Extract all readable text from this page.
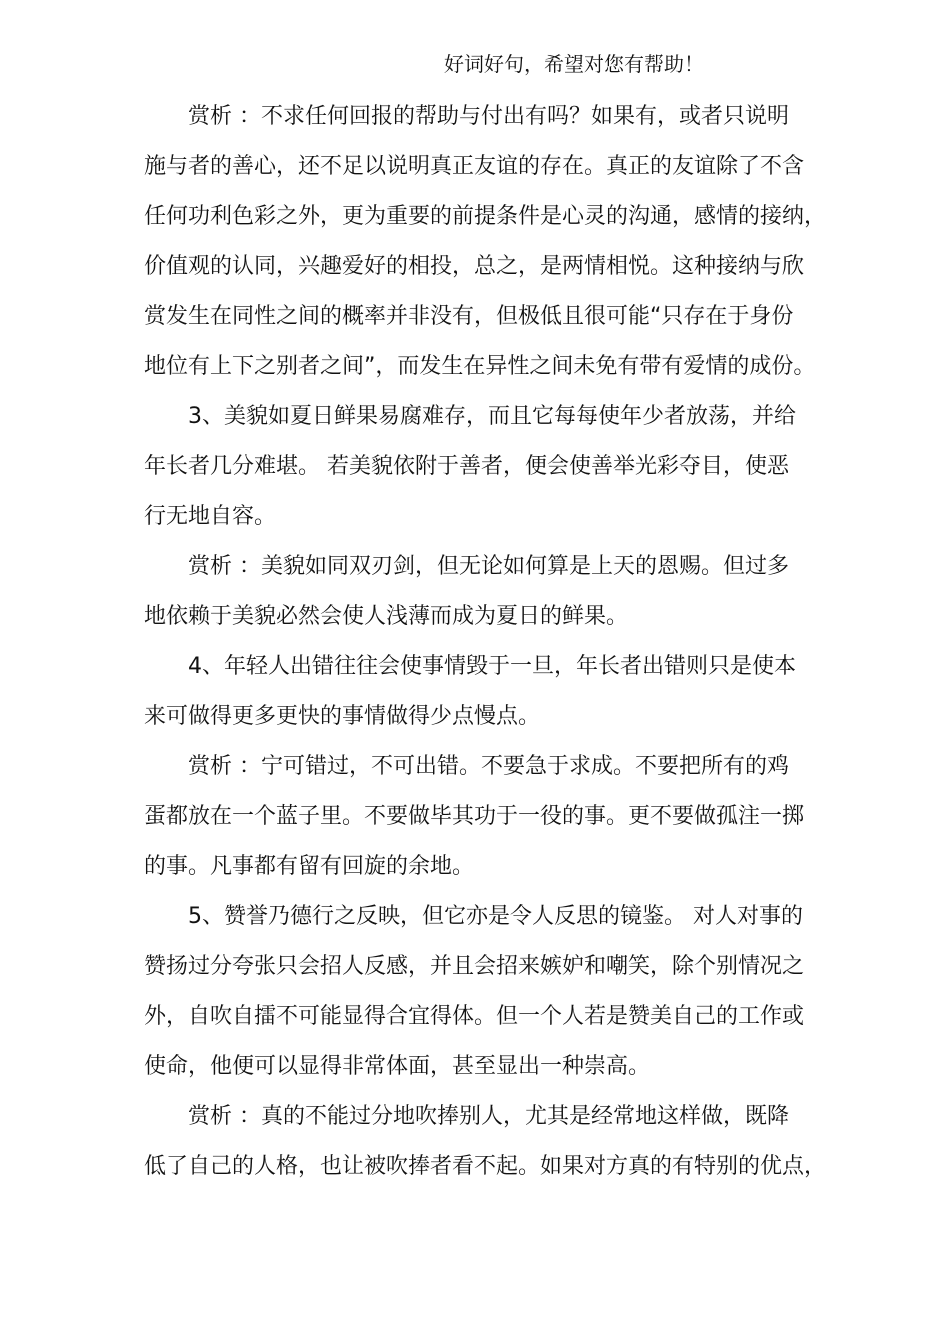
好词好句，希望对您有帮助！
赏析 ：不求任何回报的帮助与付出有吗？如果有，或者只说明
施与者的善心，还不足以说明真正友谊的存在。真正的友谊除了不含
任何功利色彩之外，更为重要的前提条件是心灵的沟通，感情的接纳，
价值观的认同，兴趣爱好的相投，总之，是两情相悦。这种接纳与欣
赏发生在同性之间的概率并非没有，但极低且很可能“只存在于身份
地位有上下之别者之间”，而发生在异性之间未免有带有爱情的成份。
3、美貌如夏日鲜果易腐难存，而且它每每使年少者放荡，并给
年长者几分难堪。 若美貌依附于善者，便会使善举光彩夺目，使恶
行无地自容。
赏析 ：美貌如同双刃剑，但无论如何算是上天的恩赐。但过多
地依赖于美貌必然会使人浅薄而成为夏日的鲜果。
4、年轻人出错往往会使事情毁于一旦，年长者出错则只是使本
来可做得更多更快的事情做得少点慢点。
赏析 ：宁可错过，不可出错。不要急于求成。不要把所有的鸡
蛋都放在一个蓝子里。不要做毕其功于一役的事。更不要做孤注一掷
的事。凡事都有留有回旋的余地。
5、赞誉乃德行之反映，但它亦是令人反思的镜鉴。 对人对事的
赞扬过分夸张只会招人反感，并且会招来嫉妒和嘲笑，除个别情况之
外，自吹自擂不可能显得合宜得体。但一个人若是赞美自己的工作或
使命，他便可以显得非常体面，甚至显出一种崇高。
赏析 ：真的不能过分地吹捧别人，尤其是经常地这样做，既降
低了自己的人格，也让被吹捧者看不起。如果对方真的有特别的优点，
